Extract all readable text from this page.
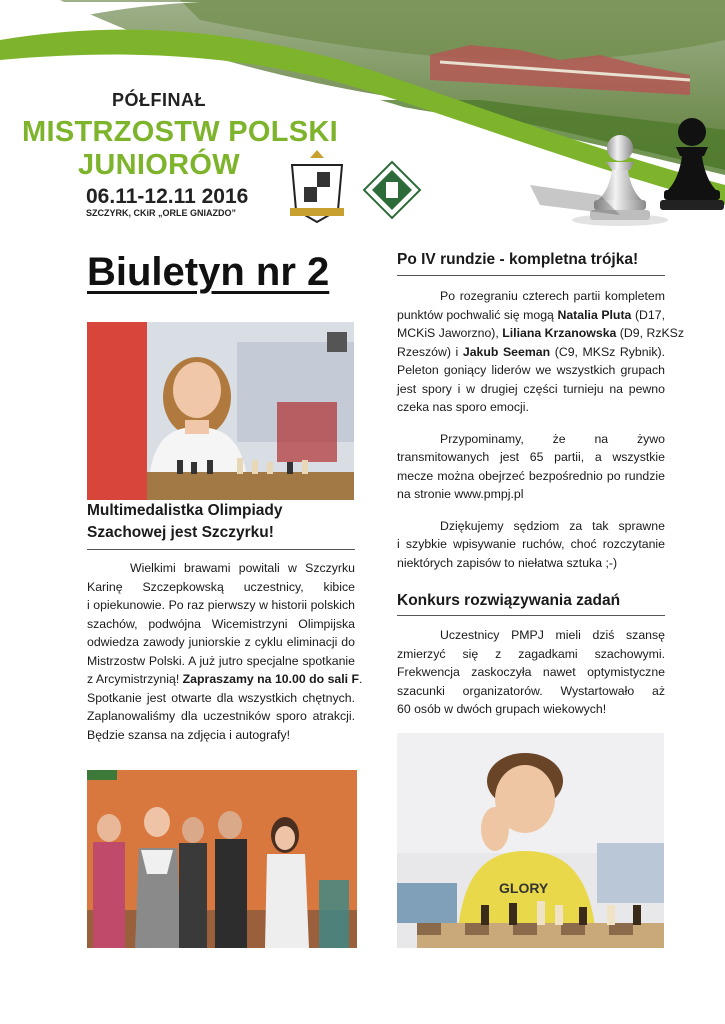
PÓŁFINAŁ
MISTRZOSTW POLSKI
JUNIORÓW
06.11-12.11 2016
SZCZYRK, CKiR „ORLE GNIAZDO”
Biuletyn nr 2
Multimedalistka Olimpiady
Szachowej jest Szczyrku!
Wielkimi brawami powitali w Szczyrku
Karinę Szczepkowską uczestnicy, kibice
i opiekunowie. Po raz pierwszy w historii polskich
szachów, podwójna Wicemistrzyni Olimpijska
odwiedza zawody juniorskie z cyklu eliminacji do
Mistrzostw Polski. A już jutro specjalne spotkanie
z Arcymistrzynią! Zapraszamy na 10.00 do sali F.
Spotkanie jest otwarte dla wszystkich chętnych.
Zaplanowaliśmy dla uczestników sporo atrakcji.
Będzie szansa na zdjęcia i autografy!
Po IV rundzie - kompletna trójka!
Po rozegraniu czterech partii kompletem
punktów pochwalić się mogą Natalia Pluta (D17,
MCKiS Jaworzno), Liliana Krzanowska (D9, RzKSz
Rzeszów) i Jakub Seeman (C9, MKSz Rybnik).
Peleton goniący liderów we wszystkich grupach
jest spory i w drugiej części turnieju na pewno
czeka nas sporo emocji.
Przypominamy, że na żywo
transmitowanych jest 65 partii, a wszystkie
mecze można obejrzeć bezpośrednio po rundzie
na stronie www.pmpj.pl
Dziękujemy sędziom za tak sprawne
i szybkie wpisywanie ruchów, choć rozczytanie
niektórych zapisów to niełatwa sztuka ;-)
Konkurs rozwiązywania zadań
Uczestnicy PMPJ mieli dziś szansę
zmierzyć się z zagadkami szachowymi.
Frekwencja zaskoczyła nawet optymistyczne
szacunki organizatorów. Wystartowało aż
60 osób w dwóch grupach wiekowych!
GLORY
